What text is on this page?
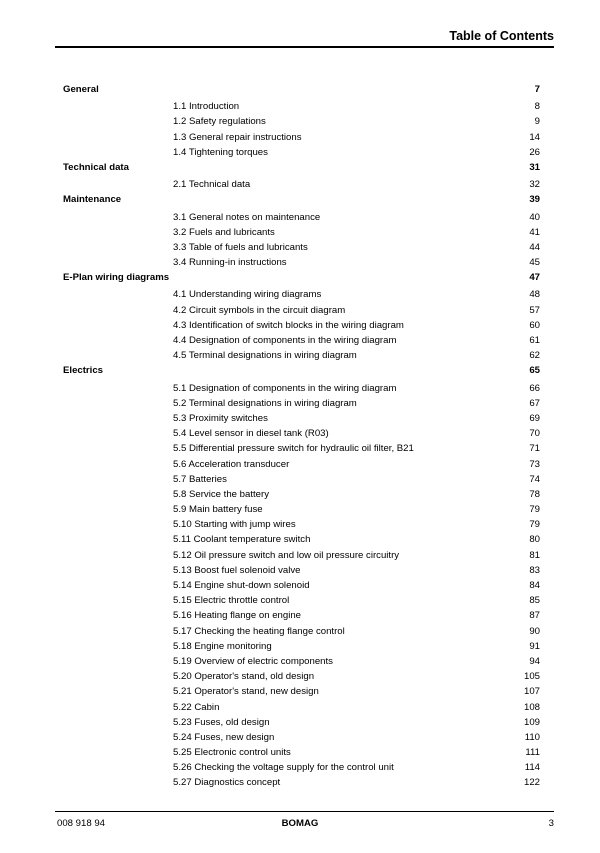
Table of Contents
General	7
1.1 Introduction	8
1.2 Safety regulations	9
1.3 General repair instructions	14
1.4 Tightening torques	26
Technical data	31
2.1 Technical data	32
Maintenance	39
3.1 General notes on maintenance	40
3.2 Fuels and lubricants	41
3.3 Table of fuels and lubricants	44
3.4 Running-in instructions	45
E-Plan wiring diagrams	47
4.1 Understanding wiring diagrams	48
4.2 Circuit symbols in the circuit diagram	57
4.3 Identification of switch blocks in the wiring diagram	60
4.4 Designation of components in the wiring diagram	61
4.5 Terminal designations in wiring diagram	62
Electrics	65
5.1 Designation of components in the wiring diagram	66
5.2 Terminal designations in wiring diagram	67
5.3 Proximity switches	69
5.4 Level sensor in diesel tank (R03)	70
5.5 Differential pressure switch for hydraulic oil filter, B21	71
5.6 Acceleration transducer	73
5.7 Batteries	74
5.8 Service the battery	78
5.9 Main battery fuse	79
5.10 Starting with jump wires	79
5.11 Coolant temperature switch	80
5.12 Oil pressure switch and low oil pressure circuitry	81
5.13 Boost fuel solenoid valve	83
5.14 Engine shut-down solenoid	84
5.15 Electric throttle control	85
5.16 Heating flange on engine	87
5.17 Checking the heating flange control	90
5.18 Engine monitoring	91
5.19 Overview of electric components	94
5.20 Operator's stand, old design	105
5.21 Operator's stand, new design	107
5.22 Cabin	108
5.23 Fuses, old design	109
5.24 Fuses, new design	110
5.25 Electronic control units	111
5.26 Checking the voltage supply for the control unit	114
5.27 Diagnostics concept	122
008 918 94	BOMAG	3
